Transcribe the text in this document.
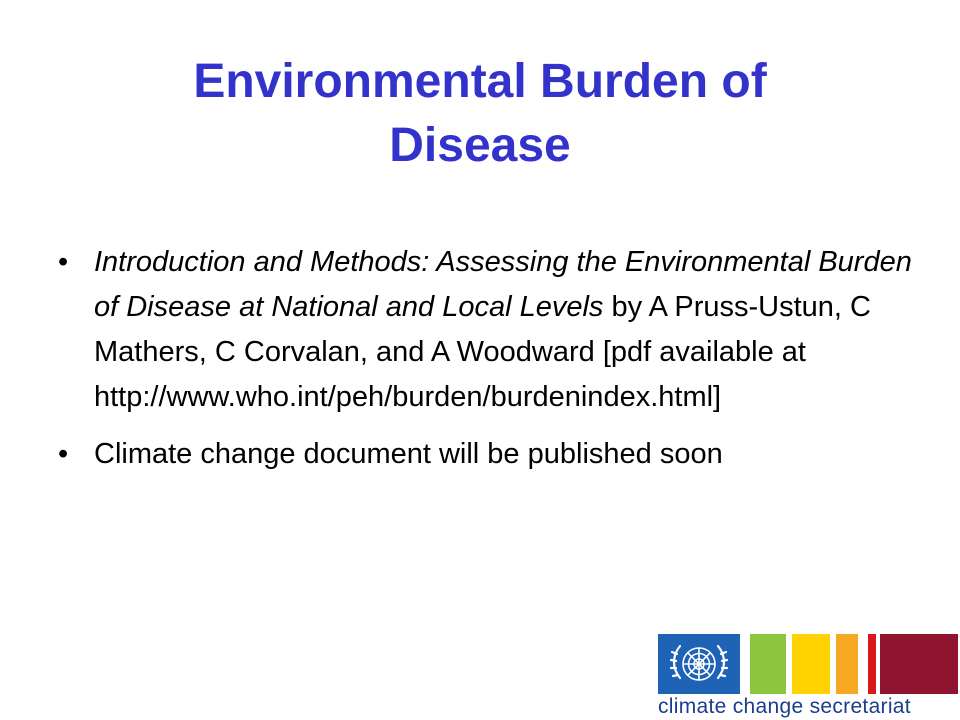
Environmental Burden of
Disease
• Introduction and Methods: Assessing the Environmental Burden of Disease at National and Local Levels by A Pruss-Ustun, C Mathers, C Corvalan, and A Woodward [pdf available at http://www.who.int/peh/burden/burdenindex.html]
• Climate change document will be published soon
climate change secretariat
